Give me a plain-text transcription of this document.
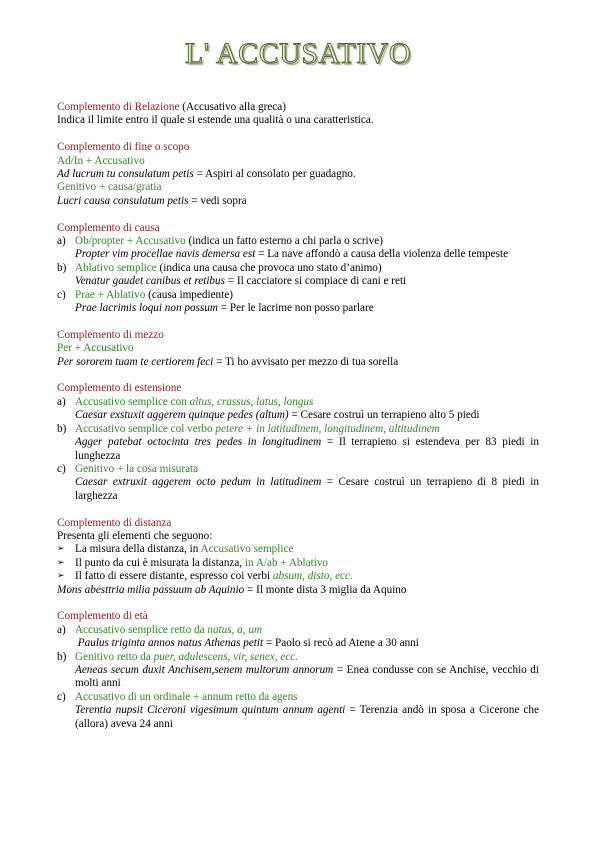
L' ACCUSATIVO
Complemento di Relazione (Accusativo alla greca)
Indica il limite entro il quale si estende una qualità o una caratteristica.
Complemento di fine o scopo
Ad/In + Accusativo
Ad lucrum tu consulatum petis = Aspiri al consolato per guadagno.
Genitivo + causa/gratia
Lucri causa consulatum petis = vedi sopra
Complemento di causa
a) Ob/propter + Accusativo (indica un fatto esterno a chi parla o scrive)
Propter vim procellae navis demersa est = La nave affondò a causa della violenza delle tempeste
b) Ablativo semplice (indica una causa che provoca uno stato d’animo)
Venatur gaudet canibus et retibus = Il cacciatore si compiace di cani e reti
c) Prae + Ablativo (causa impediente)
Prae lacrimis loqui non possum = Per le lacrime non posso parlare
Complemento di mezzo
Per + Accusativo
Per sororem tuam te certiorem feci = Ti ho avvisato per mezzo di tua sorella
Complemento di estensione
a) Accusativo semplice con altus, crassus, latus, longus
Caesar exstuxit aggerem quinque pedes (altum) = Cesare costruì un terrapieno alto 5 piedi
b) Accusativo semplice col verbo petere + in latitudinem, longitudinem, altitudinem
Agger patebat octocinta tres pedes in longitudinem = Il terrapieno si estendeva per 83 piedi in lunghezza
c) Genitivo + la cosa misurata
Caesar extruxit aggerem octo pedum in latitudinem = Cesare costruì un terrapieno di 8 piedi in larghezza
Complemento di distanza
Presenta gli elementi che seguono:
➢ La misura della distanza, in Accusativo semplice
➢ Il punto da cui è misurata la distanza, in A/ab + Ablativo
➢ Il fatto di essere distante, espresso coi verbi absum, disto, ecc.
Mons abesttria milia passuum ab Aquinio = Il monte dista 3 miglia da Aquino
Complemento di età
a) Accusativo semplice retto da natus, a, um
Paulus triginta annos natus Athenas petit = Paolo si recò ad Atene a 30 anni
b) Genitivo retto da puer, adulescens, vir, senex, ecc.
Aeneas secum duxit Anchisem,senem multorum annorum = Enea condusse con se Anchise, vecchio di molti anni
c) Accusativo di un ordinale + annum retto da agens
Terentia nupsit Ciceroni vigesimum quintum annum agenti = Terenzia andò in sposa a Cicerone che (allora) aveva 24 anni
